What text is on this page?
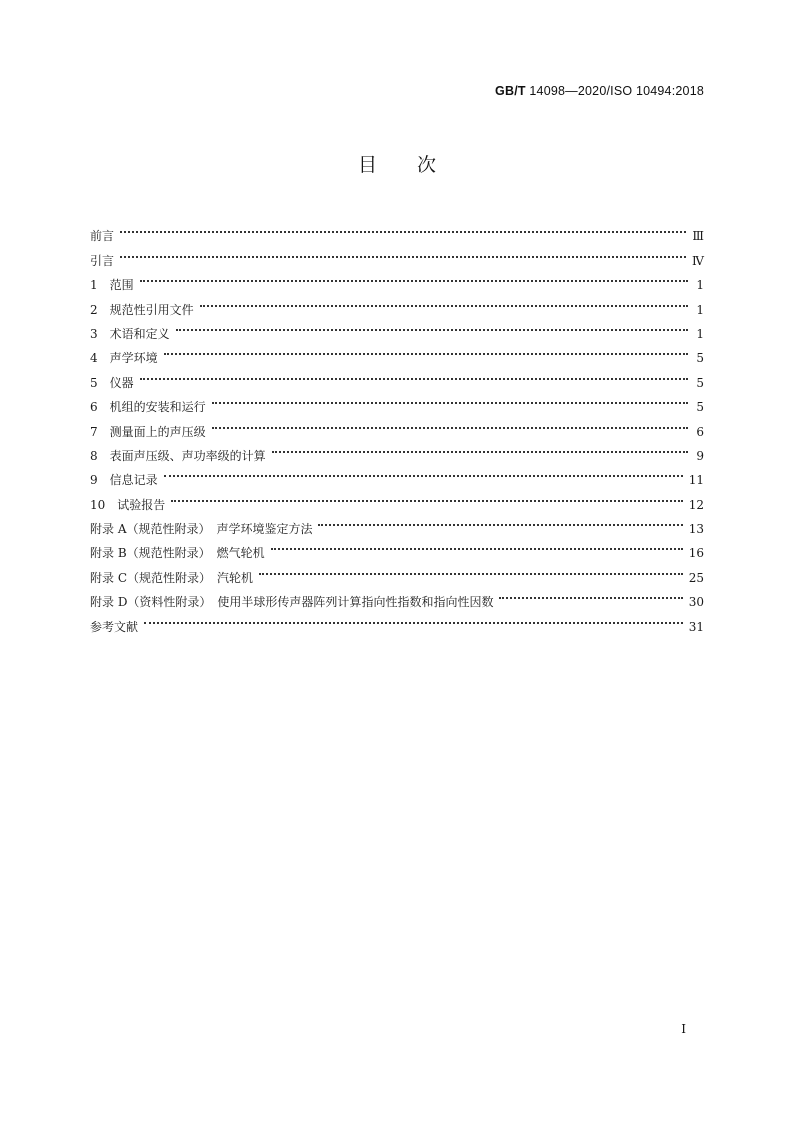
GB/T 14098—2020/ISO 10494:2018
目次
前言	Ⅲ
引言	Ⅳ
1　范围	1
2　规范性引用文件	1
3　术语和定义	1
4　声学环境	5
5　仪器	5
6　机组的安装和运行	5
7　测量面上的声压级	6
8　表面声压级、声功率级的计算	9
9　信息记录	11
10　试验报告	12
附录 A（规范性附录）　声学环境鉴定方法	13
附录 B（规范性附录）　燃气轮机	16
附录 C（规范性附录）　汽轮机	25
附录 D（资料性附录）　使用半球形传声器阵列计算指向性指数和指向性因数	30
参考文献	31
I
